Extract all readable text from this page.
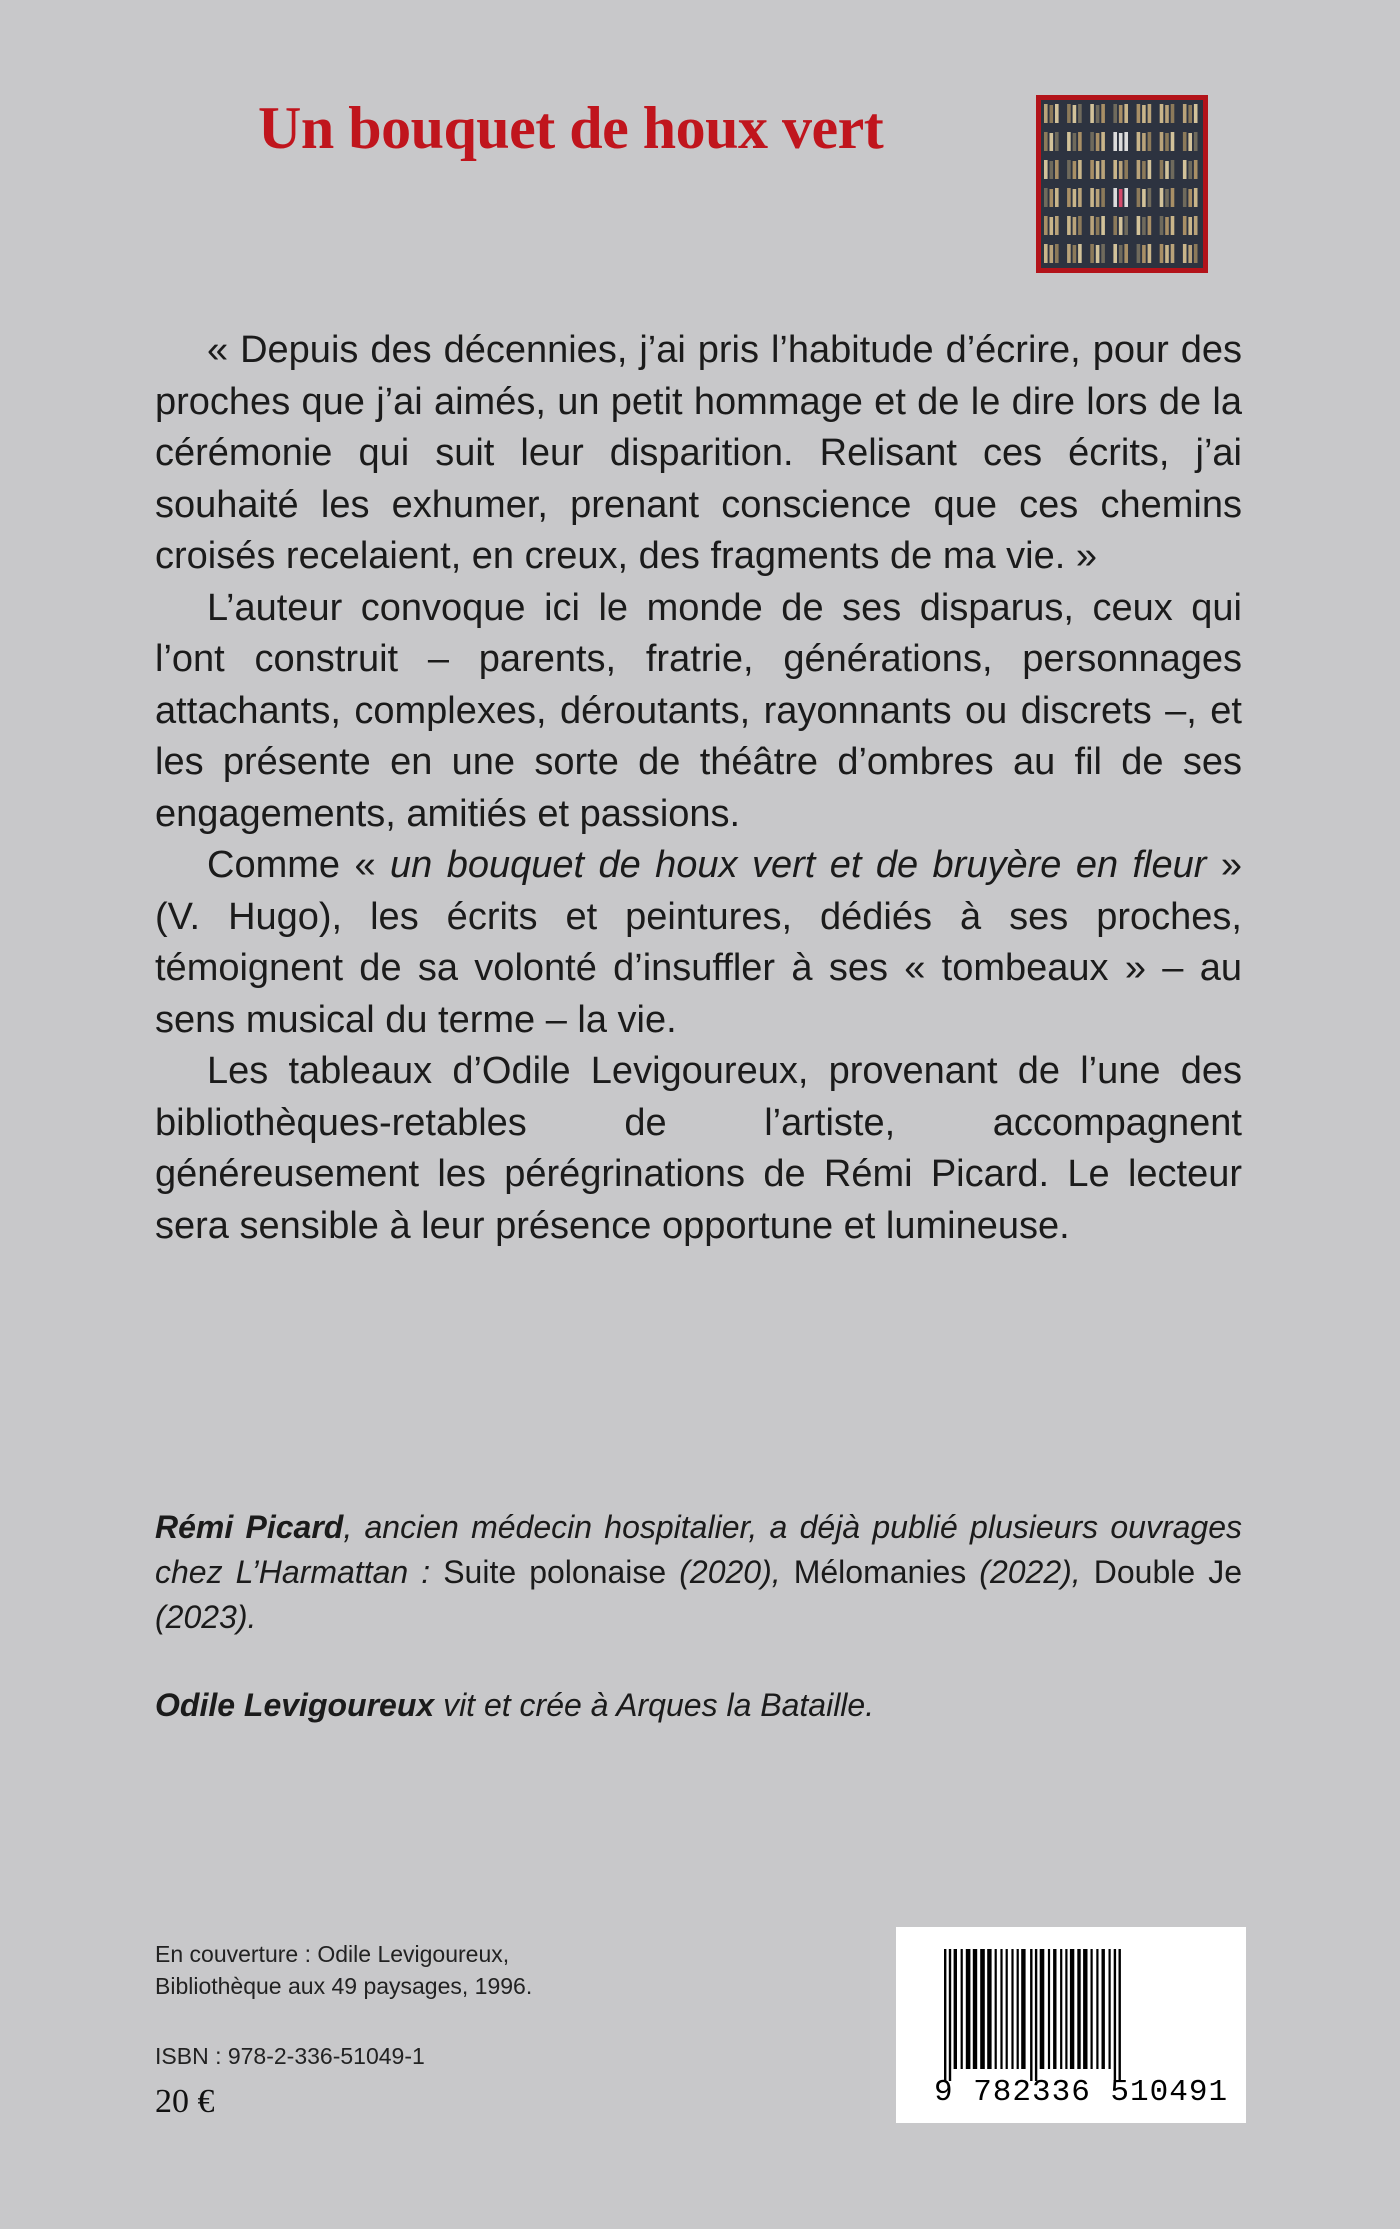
Un bouquet de houx vert

« Depuis des décennies, j’ai pris l’habitude d’écrire, pour des proches que j’ai aimés, un petit hommage et de le dire lors de la cérémonie qui suit leur disparition. Relisant ces écrits, j’ai souhaité les exhumer, prenant conscience que ces chemins croisés recelaient, en creux, des fragments de ma vie. »

L’auteur convoque ici le monde de ses disparus, ceux qui l’ont construit – parents, fratrie, générations, personnages attachants, complexes, déroutants, rayonnants ou discrets –, et les présente en une sorte de théâtre d’ombres au fil de ses engagements, amitiés et passions.

Comme « un bouquet de houx vert et de bruyère en fleur » (V. Hugo), les écrits et peintures, dédiés à ses proches, témoignent de sa volonté d’insuffler à ses « tombeaux » – au sens musical du terme – la vie.

Les tableaux d’Odile Levigoureux, provenant de l’une des bibliothèques-retables de l’artiste, accompagnent généreusement les pérégrinations de Rémi Picard. Le lecteur sera sensible à leur présence opportune et lumineuse.

Rémi Picard, ancien médecin hospitalier, a déjà publié plusieurs ouvrages chez L’Harmattan : Suite polonaise (2020), Mélomanies (2022), Double Je (2023).

Odile Levigoureux vit et crée à Arques la Bataille.

En couverture : Odile Levigoureux,
Bibliothèque aux 49 paysages, 1996.
ISBN : 978-2-336-51049-1
20 €	9 782336 510491
